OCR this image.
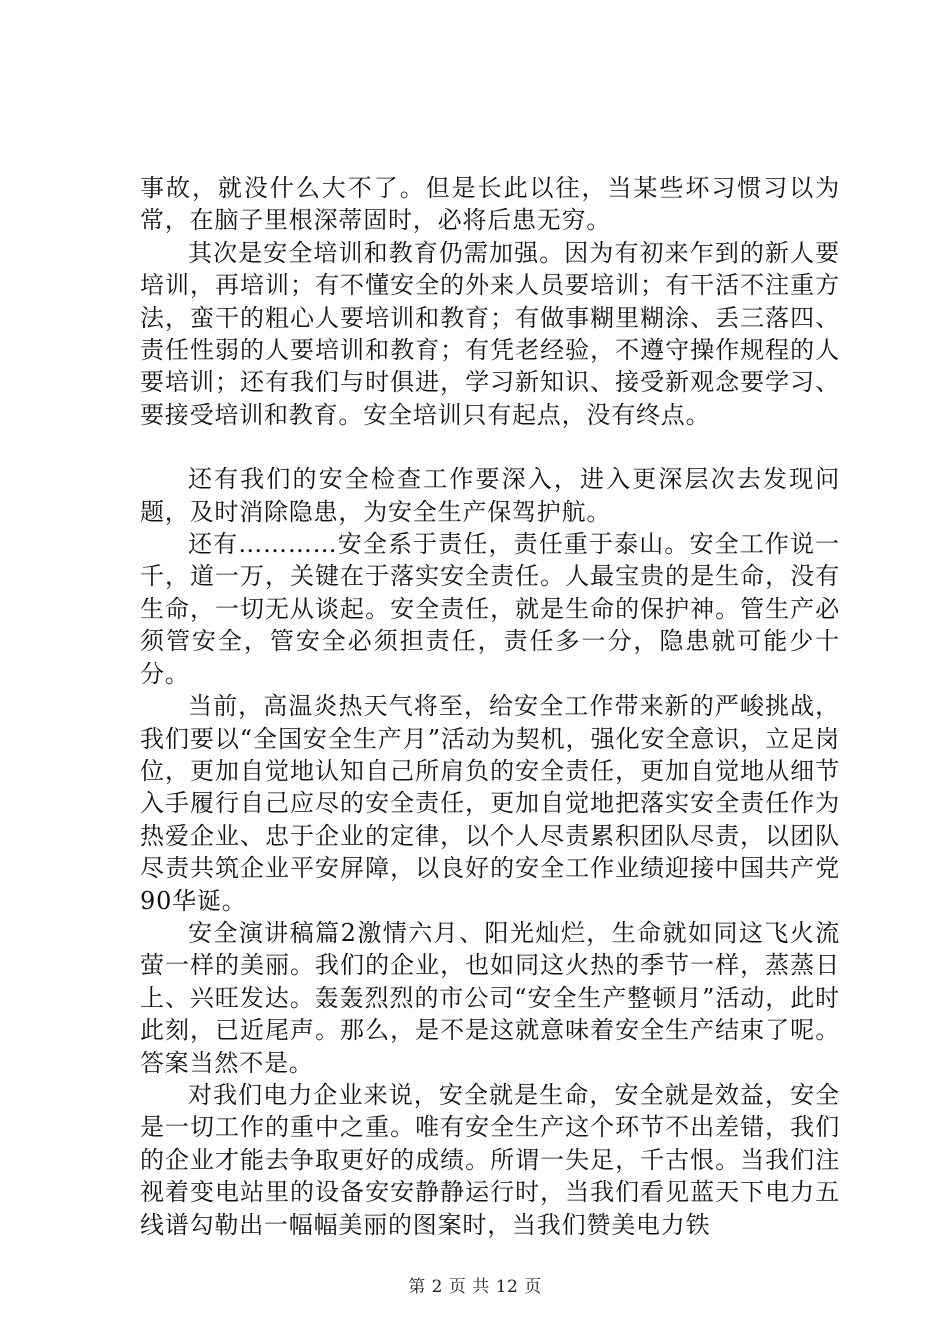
事故，就没什么大不了。但是长此以往，当某些坏习惯习以为常，在脑子里根深蒂固时，必将后患无穷。

其次是安全培训和教育仍需加强。因为有初来乍到的新人要培训，再培训；有不懂安全的外来人员要培训；有干活不注重方法，蛮干的粗心人要培训和教育；有做事糊里糊涂、丢三落四、责任性弱的人要培训和教育；有凭老经验，不遵守操作规程的人要培训；还有我们与时俱进，学习新知识、接受新观念要学习、要接受培训和教育。安全培训只有起点，没有终点。

还有我们的安全检查工作要深入，进入更深层次去发现问题，及时消除隐患，为安全生产保驾护航。

还有…………安全系于责任，责任重于泰山。安全工作说一千，道一万，关键在于落实安全责任。人最宝贵的是生命，没有生命，一切无从谈起。安全责任，就是生命的保护神。管生产必须管安全，管安全必须担责任，责任多一分，隐患就可能少十分。

当前，高温炎热天气将至，给安全工作带来新的严峻挑战，我们要以“全国安全生产月”活动为契机，强化安全意识，立足岗位，更加自觉地认知自己所肩负的安全责任，更加自觉地从细节入手履行自己应尽的安全责任，更加自觉地把落实安全责任作为热爱企业、忠于企业的定律，以个人尽责累积团队尽责，以团队尽责共筑企业平安屏障，以良好的安全工作业绩迎接中国共产党90华诞。

安全演讲稿篇2激情六月、阳光灿烂，生命就如同这飞火流萤一样的美丽。我们的企业，也如同这火热的季节一样，蒸蒸日上、兴旺发达。轰轰烈烈的市公司“安全生产整顿月”活动，此时此刻，已近尾声。那么，是不是这就意味着安全生产结束了呢。答案当然不是。

对我们电力企业来说，安全就是生命，安全就是效益，安全是一切工作的重中之重。唯有安全生产这个环节不出差错，我们的企业才能去争取更好的成绩。所谓一失足，千古恨。当我们注视着变电站里的设备安安静静运行时，当我们看见蓝天下电力五线谱勾勒出一幅幅美丽的图案时，当我们赞美电力铁

第 2 页 共 12 页
